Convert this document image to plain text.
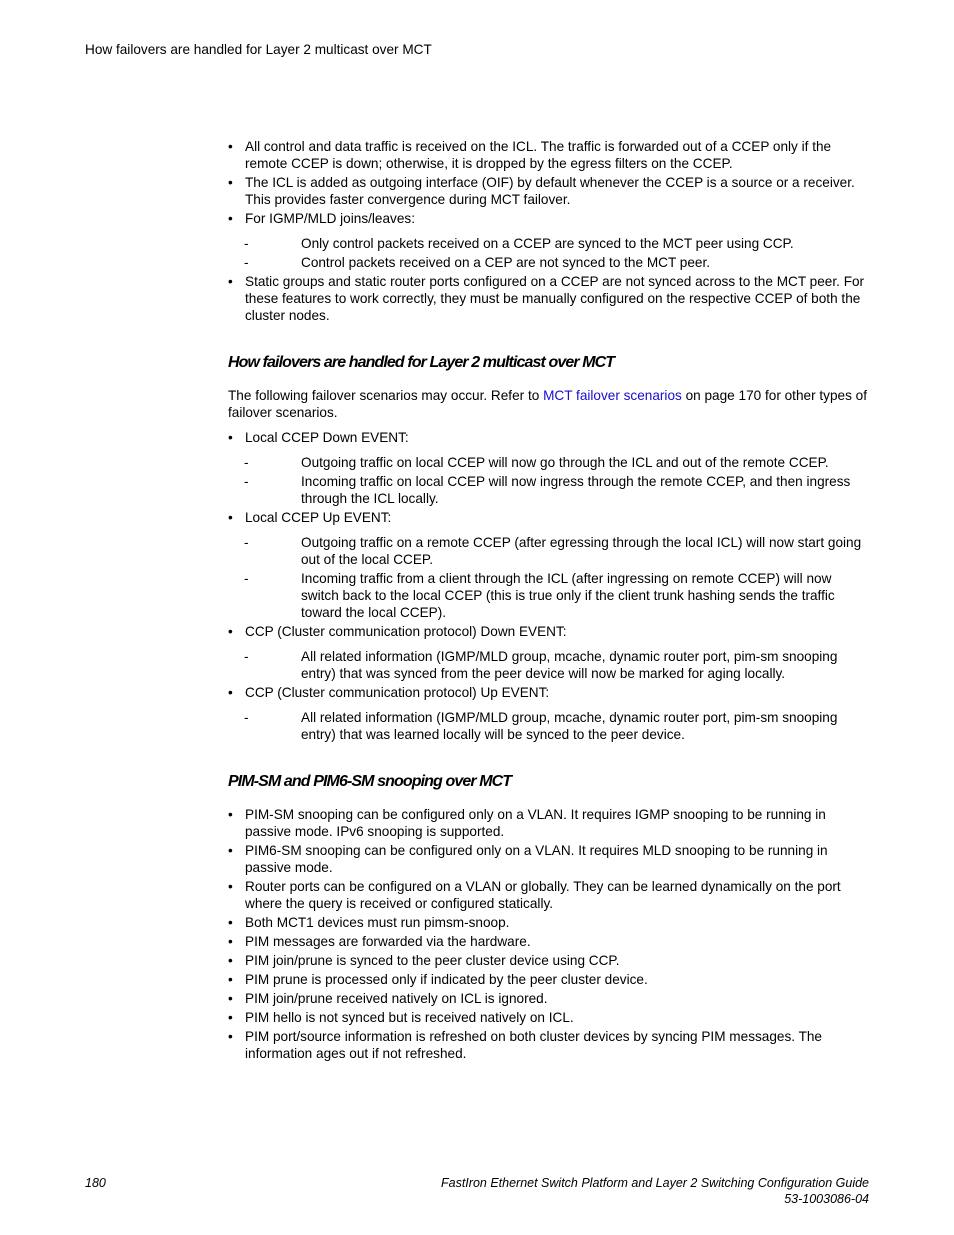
How failovers are handled for Layer 2 multicast over MCT
• All control and data traffic is received on the ICL. The traffic is forwarded out of a CCEP only if the remote CCEP is down; otherwise, it is dropped by the egress filters on the CCEP.
• The ICL is added as outgoing interface (OIF) by default whenever the CCEP is a source or a receiver. This provides faster convergence during MCT failover.
• For IGMP/MLD joins/leaves:
-	Only control packets received on a CCEP are synced to the MCT peer using CCP.
-	Control packets received on a CEP are not synced to the MCT peer.
• Static groups and static router ports configured on a CCEP are not synced across to the MCT peer. For these features to work correctly, they must be manually configured on the respective CCEP of both the cluster nodes.
How failovers are handled for Layer 2 multicast over MCT

The following failover scenarios may occur. Refer to MCT failover scenarios on page 170 for other types of failover scenarios.

• Local CCEP Down EVENT:
-	Outgoing traffic on local CCEP will now go through the ICL and out of the remote CCEP.
-	Incoming traffic on local CCEP will now ingress through the remote CCEP, and then ingress through the ICL locally.
• Local CCEP Up EVENT:
-	Outgoing traffic on a remote CCEP (after egressing through the local ICL) will now start going out of the local CCEP.
-	Incoming traffic from a client through the ICL (after ingressing on remote CCEP) will now switch back to the local CCEP (this is true only if the client trunk hashing sends the traffic toward the local CCEP).
• CCP (Cluster communication protocol) Down EVENT:
-	All related information (IGMP/MLD group, mcache, dynamic router port, pim-sm snooping entry) that was synced from the peer device will now be marked for aging locally.
• CCP (Cluster communication protocol) Up EVENT:
-	All related information (IGMP/MLD group, mcache, dynamic router port, pim-sm snooping entry) that was learned locally will be synced to the peer device.
PIM-SM and PIM6-SM snooping over MCT
• PIM-SM snooping can be configured only on a VLAN. It requires IGMP snooping to be running in passive mode. IPv6 snooping is supported.
• PIM6-SM snooping can be configured only on a VLAN. It requires MLD snooping to be running in passive mode.
• Router ports can be configured on a VLAN or globally. They can be learned dynamically on the port where the query is received or configured statically.
• Both MCT1 devices must run pimsm-snoop.
• PIM messages are forwarded via the hardware.
• PIM join/prune is synced to the peer cluster device using CCP.
• PIM prune is processed only if indicated by the peer cluster device.
• PIM join/prune received natively on ICL is ignored.
• PIM hello is not synced but is received natively on ICL.
• PIM port/source information is refreshed on both cluster devices by syncing PIM messages. The information ages out if not refreshed.
180	FastIron Ethernet Switch Platform and Layer 2 Switching Configuration Guide
53-1003086-04
